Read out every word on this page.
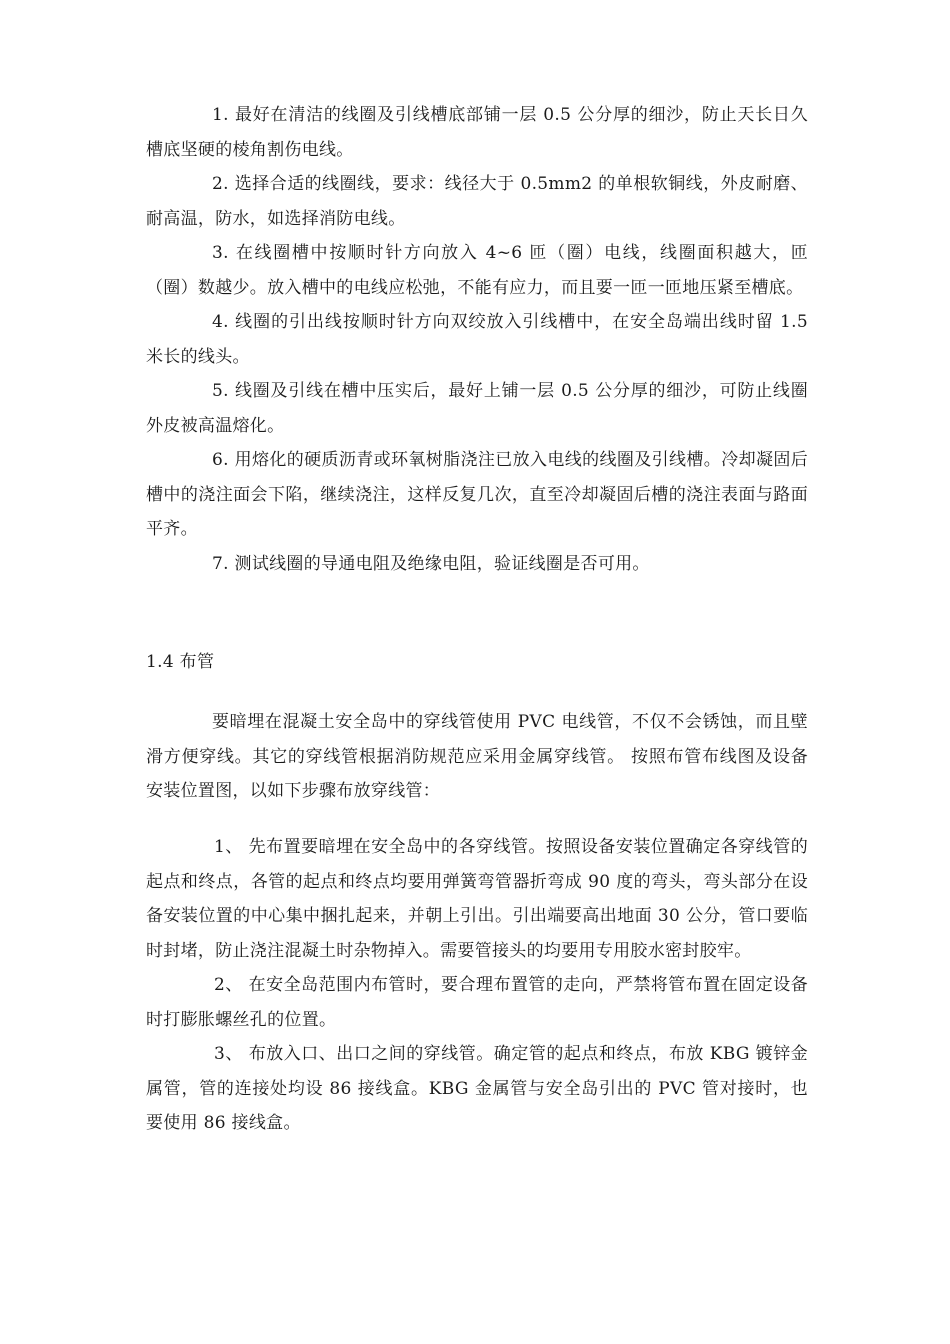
1. 最好在清洁的线圈及引线槽底部铺一层 0.5 公分厚的细沙，防止天长日久槽底坚硬的棱角割伤电线。

2. 选择合适的线圈线，要求：线径大于 0.5mm2 的单根软铜线，外皮耐磨、耐高温，防水，如选择消防电线。

3. 在线圈槽中按顺时针方向放入 4~6 匝（圈）电线，线圈面积越大，匝（圈）数越少。放入槽中的电线应松弛，不能有应力，而且要一匝一匝地压紧至槽底。

4. 线圈的引出线按顺时针方向双绞放入引线槽中，在安全岛端出线时留 1.5 米长的线头。

5. 线圈及引线在槽中压实后，最好上铺一层 0.5 公分厚的细沙，可防止线圈外皮被高温熔化。

6. 用熔化的硬质沥青或环氧树脂浇注已放入电线的线圈及引线槽。冷却凝固后槽中的浇注面会下陷，继续浇注，这样反复几次，直至冷却凝固后槽的浇注表面与路面平齐。

7. 测试线圈的导通电阻及绝缘电阻，验证线圈是否可用。

1.4 布管

要暗埋在混凝土安全岛中的穿线管使用 PVC 电线管，不仅不会锈蚀，而且壁滑方便穿线。其它的穿线管根据消防规范应采用金属穿线管。 按照布管布线图及设备安装位置图，以如下步骤布放穿线管：

1、 先布置要暗埋在安全岛中的各穿线管。按照设备安装位置确定各穿线管的起点和终点，各管的起点和终点均要用弹簧弯管器折弯成 90 度的弯头，弯头部分在设备安装位置的中心集中捆扎起来，并朝上引出。引出端要高出地面 30 公分，管口要临时封堵，防止浇注混凝土时杂物掉入。需要管接头的均要用专用胶水密封胶牢。

2、 在安全岛范围内布管时，要合理布置管的走向，严禁将管布置在固定设备时打膨胀螺丝孔的位置。

3、 布放入口、出口之间的穿线管。确定管的起点和终点，布放 KBG 镀锌金属管，管的连接处均设 86 接线盒。KBG 金属管与安全岛引出的 PVC 管对接时，也要使用 86 接线盒。
